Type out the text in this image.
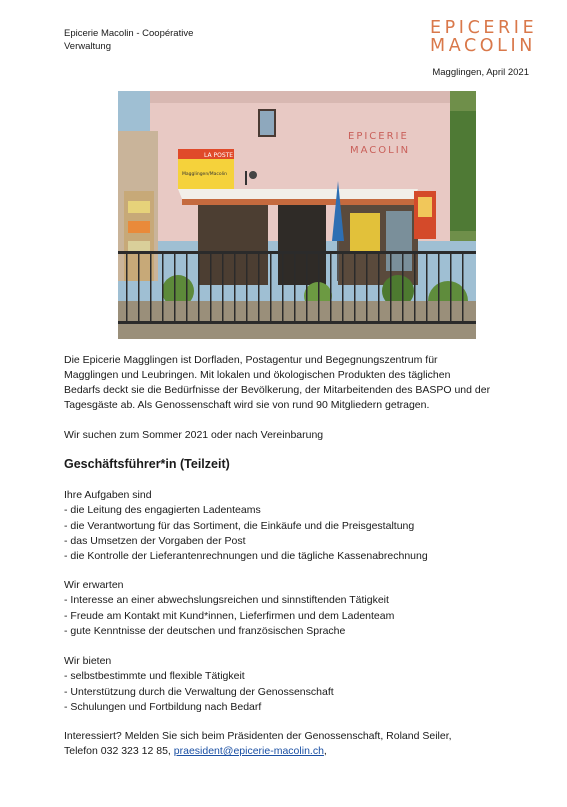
Epicerie Macolin - Coopérative
Verwaltung
EPICERIE
MACOLIN
Magglingen, April 2021
EPICERIE
MACOLIN
LA POSTE
Magglingen/Macolin
Die Epicerie Magglingen ist Dorfladen, Postagentur und Begegnungszentrum für
Magglingen und Leubringen. Mit lokalen und ökologischen Produkten des täglichen
Bedarfs deckt sie die Bedürfnisse der Bevölkerung, der Mitarbeitenden des BASPO und der
Tagesgäste ab. Als Genossenschaft wird sie von rund 90 Mitgliedern getragen.
Wir suchen zum Sommer 2021 oder nach Vereinbarung
Geschäftsführer*in (Teilzeit)
Ihre Aufgaben sind
- die Leitung des engagierten Ladenteams
- die Verantwortung für das Sortiment, die Einkäufe und die Preisgestaltung
- das Umsetzen der Vorgaben der Post
- die Kontrolle der Lieferantenrechnungen und die tägliche Kassenabrechnung
Wir erwarten
- Interesse an einer abwechslungsreichen und sinnstiftenden Tätigkeit
- Freude am Kontakt mit Kund*innen, Lieferfirmen und dem Ladenteam
- gute Kenntnisse der deutschen und französischen Sprache
Wir bieten
- selbstbestimmte und flexible Tätigkeit
- Unterstützung durch die Verwaltung der Genossenschaft
- Schulungen und Fortbildung nach Bedarf
Interessiert? Melden Sie sich beim Präsidenten der Genossenschaft, Roland Seiler,
Telefon 032 323 12 85, praesident@epicerie-macolin.ch,
